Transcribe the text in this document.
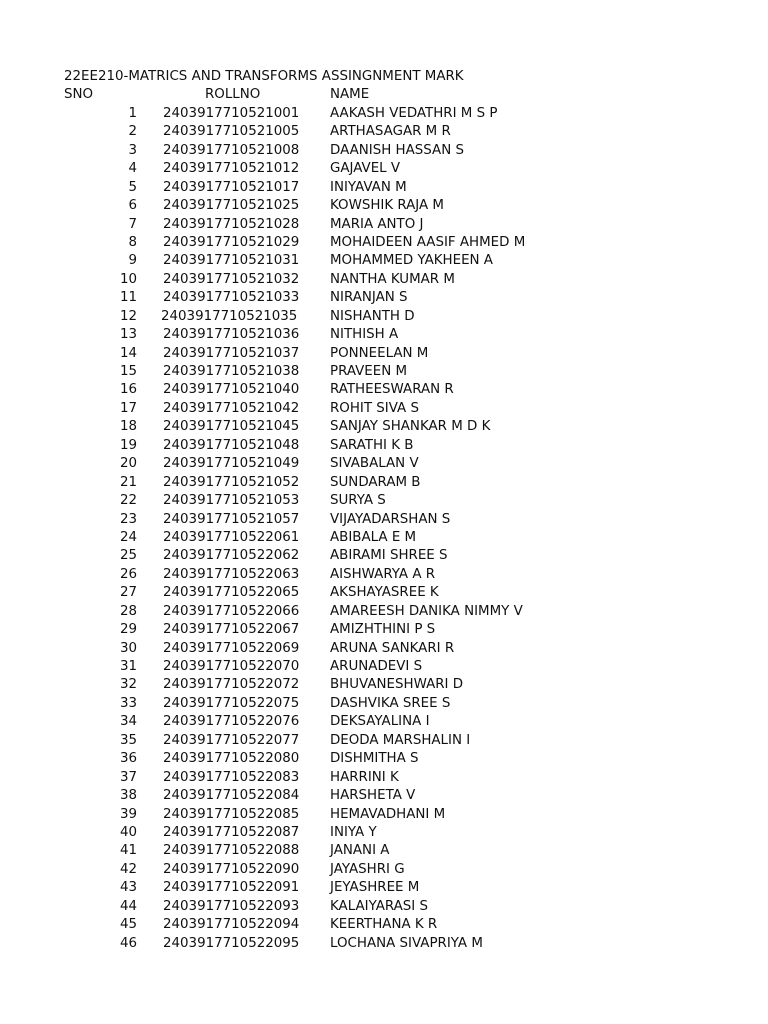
22EE210-MATRICS AND TRANSFORMS ASSINGNMENT MARK
SNO	ROLLNO	NAME
1 2403917710521001 AAKASH VEDATHRI M S P
2 2403917710521005 ARTHASAGAR M R
3 2403917710521008 DAANISH HASSAN S
4 2403917710521012 GAJAVEL V
5 2403917710521017 INIYAVAN M
6 2403917710521025 KOWSHIK RAJA M
7 2403917710521028 MARIA ANTO J
8 2403917710521029 MOHAIDEEN AASIF AHMED M
9 2403917710521031 MOHAMMED YAKHEEN A
10 2403917710521032 NANTHA KUMAR M
11 2403917710521033 NIRANJAN S
12 2403917710521035 NISHANTH D
13 2403917710521036 NITHISH A
14 2403917710521037 PONNEELAN M
15 2403917710521038 PRAVEEN M
16 2403917710521040 RATHEESWARAN R
17 2403917710521042 ROHIT SIVA S
18 2403917710521045 SANJAY SHANKAR M D K
19 2403917710521048 SARATHI K B
20 2403917710521049 SIVABALAN V
21 2403917710521052 SUNDARAM B
22 2403917710521053 SURYA S
23 2403917710521057 VIJAYADARSHAN S
24 2403917710522061 ABIBALA E M
25 2403917710522062 ABIRAMI SHREE S
26 2403917710522063 AISHWARYA A R
27 2403917710522065 AKSHAYASREE K
28 2403917710522066 AMAREESH DANIKA NIMMY V
29 2403917710522067 AMIZHTHINI P S
30 2403917710522069 ARUNA SANKARI R
31 2403917710522070 ARUNADEVI S
32 2403917710522072 BHUVANESHWARI D
33 2403917710522075 DASHVIKA SREE S
34 2403917710522076 DEKSAYALINA I
35 2403917710522077 DEODA MARSHALIN I
36 2403917710522080 DISHMITHA S
37 2403917710522083 HARRINI K
38 2403917710522084 HARSHETA V
39 2403917710522085 HEMAVADHANI M
40 2403917710522087 INIYA Y
41 2403917710522088 JANANI A
42 2403917710522090 JAYASHRI G
43 2403917710522091 JEYASHREE M
44 2403917710522093 KALAIYARASI S
45 2403917710522094 KEERTHANA K R
46 2403917710522095 LOCHANA SIVAPRIYA M
